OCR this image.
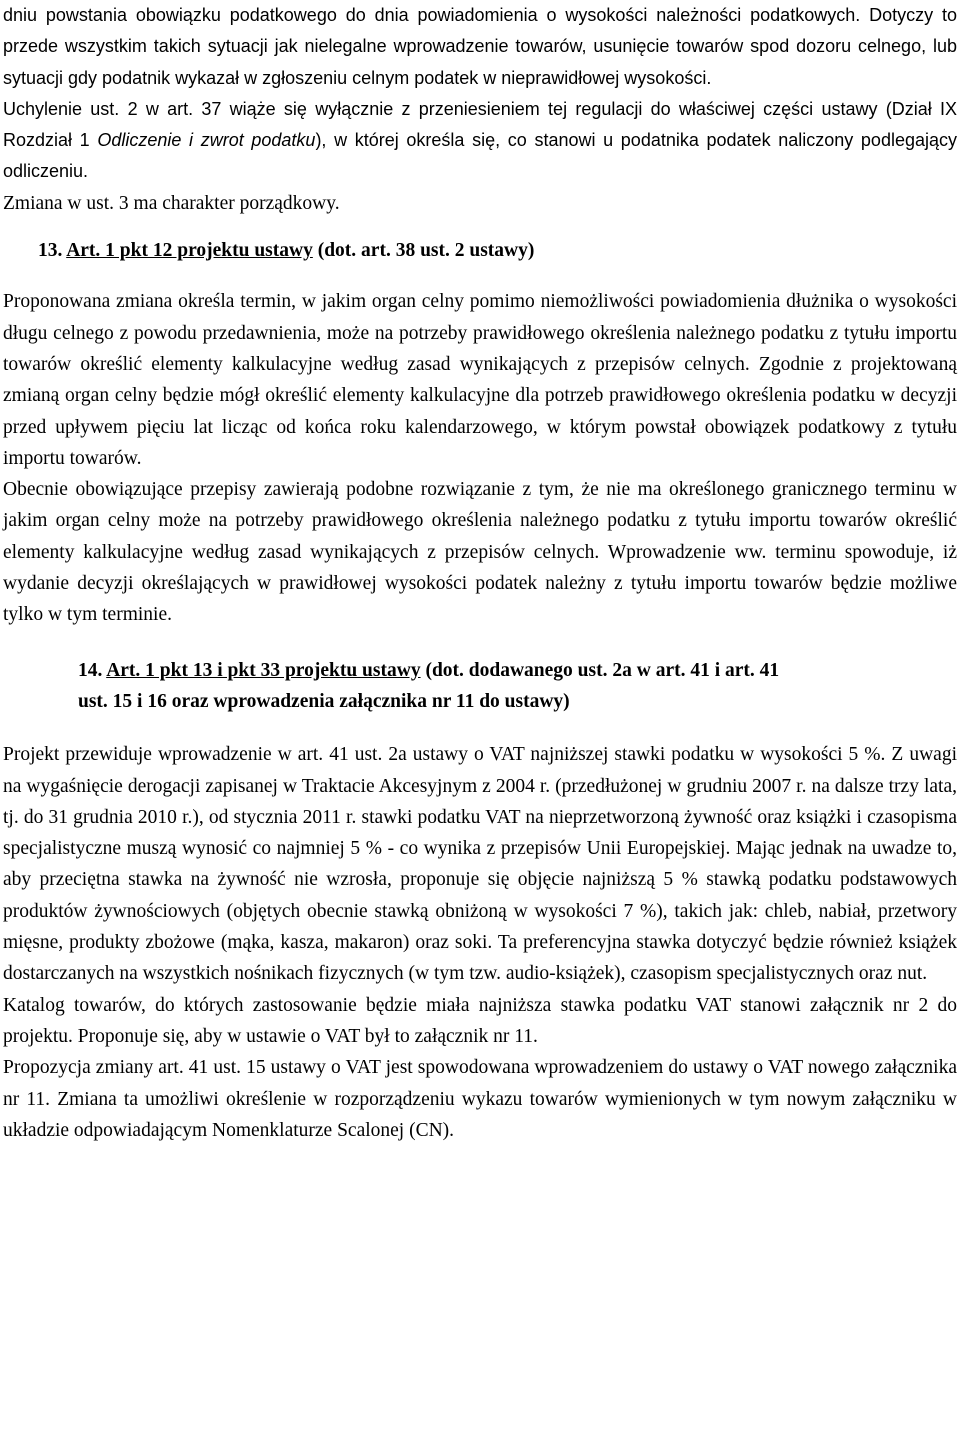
dniu powstania obowiązku podatkowego do dnia powiadomienia o wysokości należności podatkowych. Dotyczy to przede wszystkim takich sytuacji jak nielegalne wprowadzenie towarów, usunięcie towarów spod dozoru celnego, lub sytuacji gdy podatnik wykazał w zgłoszeniu celnym podatek w nieprawidłowej wysokości.

Uchylenie ust. 2 w art. 37 wiąże się wyłącznie z przeniesieniem tej regulacji do właściwej części ustawy (Dział IX Rozdział 1 Odliczenie i zwrot podatku), w której określa się, co stanowi u podatnika podatek naliczony podlegający odliczeniu.

Zmiana w ust. 3 ma charakter porządkowy.

13. Art. 1 pkt 12 projektu ustawy (dot. art. 38 ust. 2 ustawy)

Proponowana zmiana określa termin, w jakim organ celny pomimo niemożliwości powiadomienia dłużnika o wysokości długu celnego z powodu przedawnienia, może na potrzeby prawidłowego określenia należnego podatku z tytułu importu towarów określić elementy kalkulacyjne według zasad wynikających z przepisów celnych. Zgodnie z projektowaną zmianą organ celny będzie mógł określić elementy kalkulacyjne dla potrzeb prawidłowego określenia podatku w decyzji przed upływem pięciu lat licząc od końca roku kalendarzowego, w którym powstał obowiązek podatkowy z tytułu importu towarów.

Obecnie obowiązujące przepisy zawierają podobne rozwiązanie z tym, że nie ma określonego granicznego terminu w jakim organ celny może na potrzeby prawidłowego określenia należnego podatku z tytułu importu towarów określić elementy kalkulacyjne według zasad wynikających z przepisów celnych. Wprowadzenie ww. terminu spowoduje, iż wydanie decyzji określających w prawidłowej wysokości podatek należny z tytułu importu towarów będzie możliwe tylko w tym terminie.

14. Art. 1 pkt 13 i pkt 33 projektu ustawy (dot. dodawanego ust. 2a w art. 41 i art. 41
ust. 15 i 16 oraz wprowadzenia załącznika nr 11 do ustawy)

Projekt przewiduje wprowadzenie w art. 41 ust. 2a ustawy o VAT najniższej stawki podatku w wysokości 5 %. Z uwagi na wygaśnięcie derogacji zapisanej w Traktacie Akcesyjnym z 2004 r. (przedłużonej w grudniu 2007 r. na dalsze trzy lata, tj. do 31 grudnia 2010 r.), od stycznia 2011 r. stawki podatku VAT na nieprzetworzoną żywność oraz książki i czasopisma specjalistyczne muszą wynosić co najmniej 5 % - co wynika z przepisów Unii Europejskiej. Mając jednak na uwadze to, aby przeciętna stawka na żywność nie wzrosła, proponuje się objęcie najniższą 5 % stawką podatku podstawowych produktów żywnościowych (objętych obecnie stawką obniżoną w wysokości 7 %), takich jak: chleb, nabiał, przetwory mięsne, produkty zbożowe (mąka, kasza, makaron) oraz soki. Ta preferencyjna stawka dotyczyć będzie również książek dostarczanych na wszystkich nośnikach fizycznych (w tym tzw. audio-książek), czasopism specjalistycznych oraz nut.

Katalog towarów, do których zastosowanie będzie miała najniższa stawka podatku VAT stanowi załącznik nr 2 do projektu. Proponuje się, aby w ustawie o VAT był to załącznik nr 11.

Propozycja zmiany art. 41 ust. 15 ustawy o VAT jest spowodowana wprowadzeniem do ustawy o VAT nowego załącznika nr 11. Zmiana ta umożliwi określenie w rozporządzeniu wykazu towarów wymienionych w tym nowym załączniku w układzie odpowiadającym Nomenklaturze Scalonej (CN).
